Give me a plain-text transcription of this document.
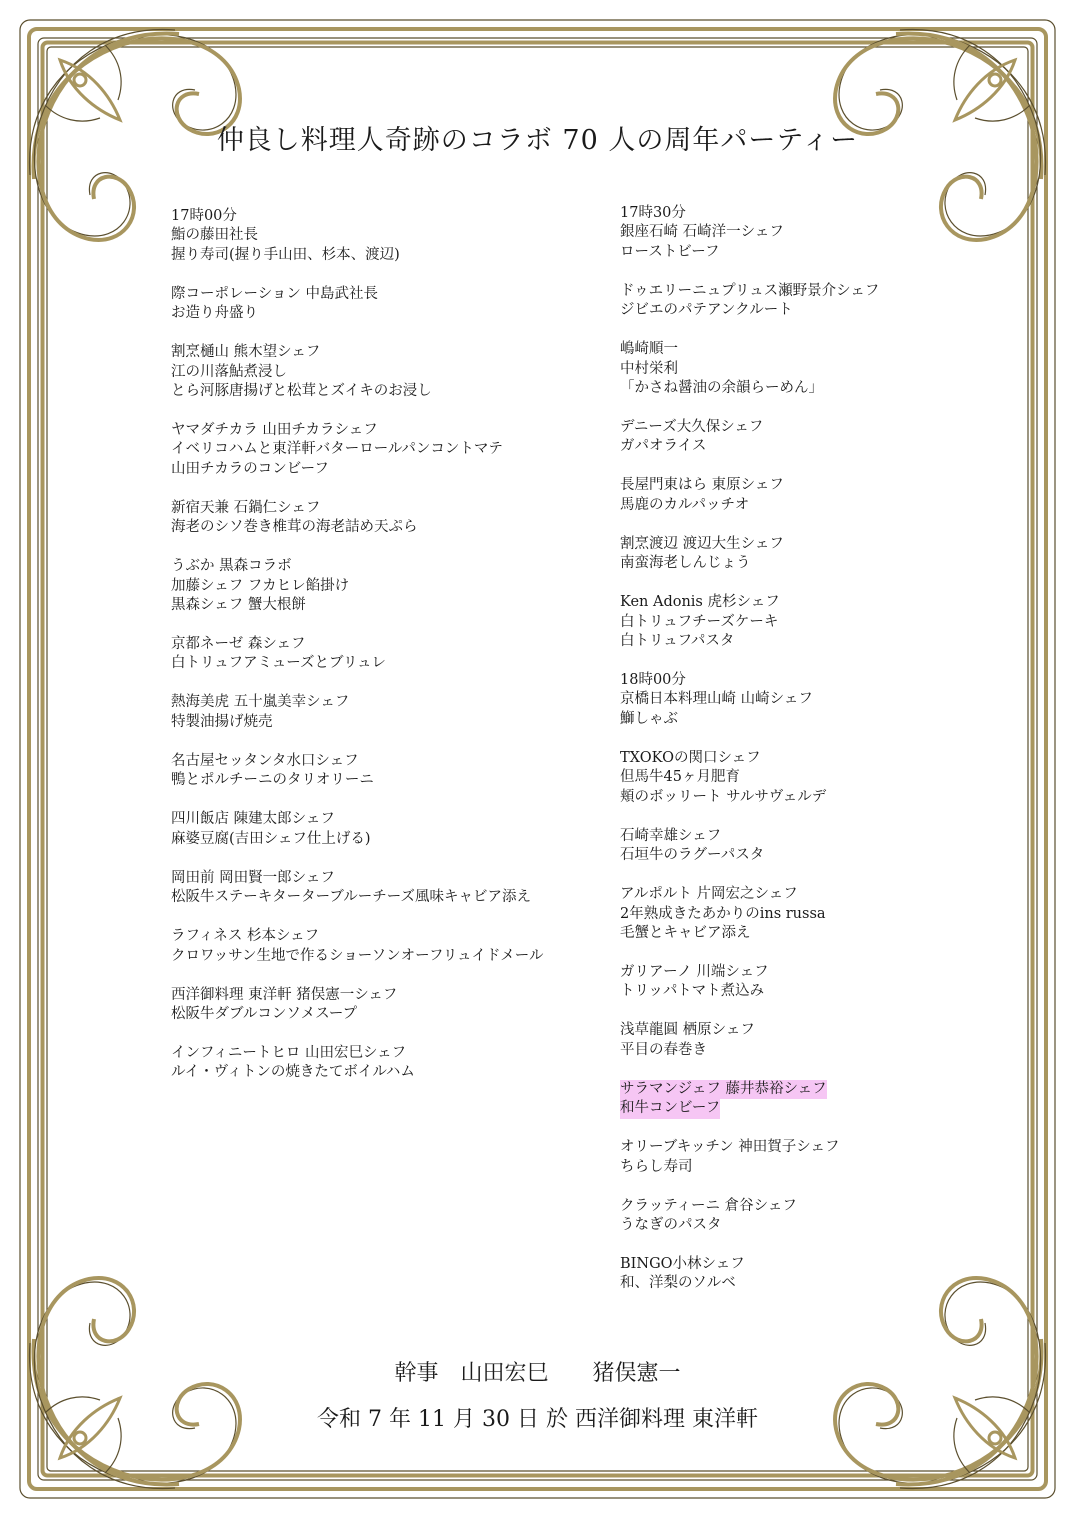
仲良し料理人奇跡のコラボ 70 人の周年パーティー
17時00分
鮨の藤田社長
握り寿司(握り手山田、杉本、渡辺)
際コーポレーション 中島武社長
お造り舟盛り
割烹樋山 熊木望シェフ
江の川落鮎煮浸し
とら河豚唐揚げと松茸とズイキのお浸し
ヤマダチカラ 山田チカラシェフ
イベリコハムと東洋軒バターロールパンコントマテ
山田チカラのコンビーフ
新宿天兼 石鍋仁シェフ
海老のシソ巻き椎茸の海老詰め天ぷら
うぶか 黒森コラボ
加藤シェフ フカヒレ餡掛け
黒森シェフ 蟹大根餅
京都ネーゼ 森シェフ
白トリュフアミューズとブリュレ
熱海美虎 五十嵐美幸シェフ
特製油揚げ焼売
名古屋セッタンタ水口シェフ
鴨とポルチーニのタリオリーニ
四川飯店 陳建太郎シェフ
麻婆豆腐(吉田シェフ仕上げる)
岡田前 岡田賢一郎シェフ
松阪牛ステーキターターブルーチーズ風味キャビア添え
ラフィネス 杉本シェフ
クロワッサン生地で作るショーソンオーフリュイドメール
西洋御料理 東洋軒 猪俣憲一シェフ
松阪牛ダブルコンソメスープ
インフィニートヒロ 山田宏巳シェフ
ルイ・ヴィトンの焼きたてボイルハム
17時30分
銀座石崎 石崎洋一シェフ
ローストビーフ
ドゥエリーニュプリュス瀬野景介シェフ
ジビエのパテアンクルート
嶋崎順一
中村栄利
「かさね醤油の余韻らーめん」
デニーズ大久保シェフ
ガパオライス
長屋門東はら 東原シェフ
馬鹿のカルパッチオ
割烹渡辺 渡辺大生シェフ
南蛮海老しんじょう
Ken Adonis 虎杉シェフ
白トリュフチーズケーキ
白トリュフパスタ
18時00分
京橋日本料理山崎 山崎シェフ
鰤しゃぶ
TXOKOの関口シェフ
但馬牛45ヶ月肥育
頬のボッリート サルサヴェルデ
石崎幸雄シェフ
石垣牛のラグーパスタ
アルポルト 片岡宏之シェフ
2年熟成きたあかりのins russa
毛蟹とキャビア添え
ガリアーノ 川端シェフ
トリッパトマト煮込み
浅草龍圓 栖原シェフ
平目の春巻き
サラマンジェフ 藤井恭裕シェフ
和牛コンビーフ

オリーブキッチン 神田賀子シェフ
ちらし寿司
クラッティーニ 倉谷シェフ
うなぎのパスタ
BINGO小林シェフ
和、洋梨のソルベ
幹事　山田宏巳　　猪俣憲一
令和 7 年 11 月 30 日 於 西洋御料理 東洋軒
